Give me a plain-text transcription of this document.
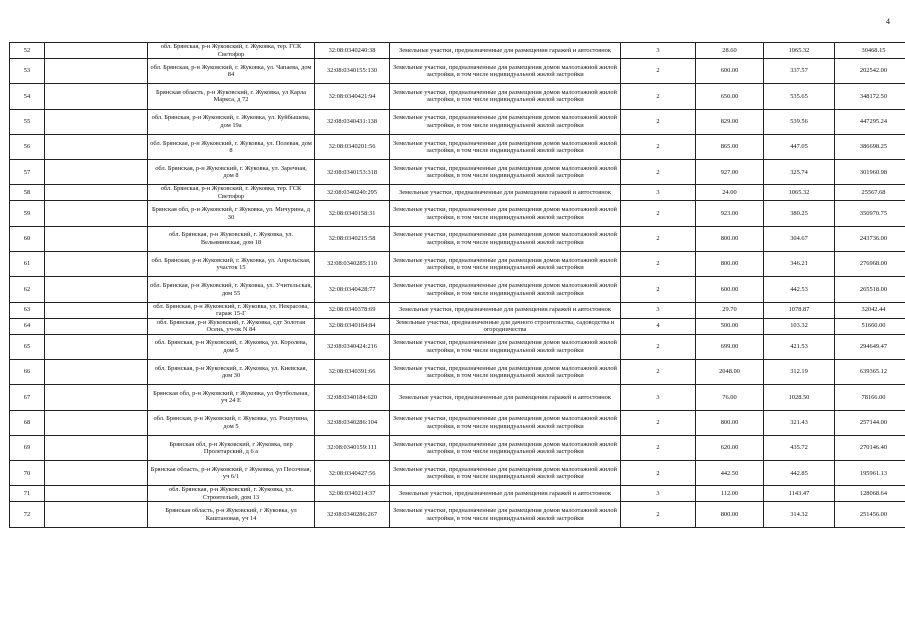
4
52		обл. Брянская, р-н Жуковский, г. Жуковка, тер. ГСК Светофор	32:08:0340240:38	Земельные участки, предназначенные для размещения гаражей и автостоянок	3	28.60	1065.32	30468.15
53		обл. Брянская, р-н Жуковский, г. Жуковка, ул. Чапаева, дом 84	32:08:0340155:130	Земельные участки, предназначенные для размещения домов малоэтажной жилой застройки, в том числе индивидуальной жилой застройки	2	600.00	337.57	202542.00
54		Брянская область, р-н Жуковский, г. Жуковка, ул Карла Маркса, д 72	32:08:0340421:94	Земельные участки, предназначенные для размещения домов малоэтажной жилой застройки, в том числе индивидуальной жилой застройки	2	650.00	535.65	348172.50
55		обл. Брянская, р-н Жуковский, г. Жуковка, ул. Куйбышева, дом 19а	32:08:0340431:138	Земельные участки, предназначенные для размещения домов малоэтажной жилой застройки, в том числе индивидуальной жилой застройки	2	829.00	539.56	447295.24
56		обл. Брянская, р-н Жуковский, г. Жуковка, ул. Полевая, дом 8	32:08:0340201:56	Земельные участки, предназначенные для размещения домов малоэтажной жилой застройки, в том числе индивидуальной жилой застройки	2	865.00	447.05	386698.25
57		обл. Брянская, р-н Жуковский, г. Жуковка, ул. Заречная, дом 8	32:08:0340153:318	Земельные участки, предназначенные для размещения домов малоэтажной жилой застройки, в том числе индивидуальной жилой застройки	2	927.00	325.74	301960.98
58		обл. Брянская, р-н Жуковский, г. Жуковка, тер. ГСК Светофор	32:08:0340240:295	Земельные участки, предназначенные для размещения гаражей и автостоянок	3	24.00	1065.32	25567.68
59		Брянская обл, р-н Жуковский, г Жуковка, ул. Мичурина, д 30	32:08:0340158:31	Земельные участки, предназначенные для размещения домов малоэтажной жилой застройки, в том числе индивидуальной жилой застройки	2	923.00	380.25	350970.75
60		обл. Брянская, р-н Жуковский, г. Жуковка, ул. Вельяминская, дом 18	32:08:0340215:58	Земельные участки, предназначенные для размещения домов малоэтажной жилой застройки, в том числе индивидуальной жилой застройки	2	800.00	304.67	243736.00
61		обл. Брянская, р-н Жуковский, г. Жуковка, ул. Апрельская, участок 15	32:08:0340285:110	Земельные участки, предназначенные для размещения домов малоэтажной жилой застройки, в том числе индивидуальной жилой застройки	2	800.00	346.21	276968.00
62		обл. Брянская, р-н Жуковский, г. Жуковка, ул. Учительская, дом 55	32:08:0340428:77	Земельные участки, предназначенные для размещения домов малоэтажной жилой застройки, в том числе индивидуальной жилой застройки	2	600.00	442.53	265518.00
63		обл. Брянская, р-н Жуковский, г. Жуковка, ул. Некрасова, гараж 15-Г	32:08:0340378:69	Земельные участки, предназначенные для размещения гаражей и автостоянок	3	29.70	1078.87	32042.44
64		обл. Брянская, р-н Жуковский, г. Жуковка, сдт Золотая Осень, уч-ок N 84	32:08:0340184:84	Земельные участки, предназначенные для дачного строительства, садоводства и огородничества	4	500.00	103.32	51660.00
65		обл. Брянская, р-н Жуковский, г. Жуковка, ул. Королева, дом 5	32:08:0340424:216	Земельные участки, предназначенные для размещения домов малоэтажной жилой застройки, в том числе индивидуальной жилой застройки	2	699.00	421.53	294649.47
66		обл. Брянская, р-н Жуковский, г. Жуковка, ул. Киевская, дом 30	32:08:0340391:66	Земельные участки, предназначенные для размещения домов малоэтажной жилой застройки, в том числе индивидуальной жилой застройки	2	2048.00	312.19	639365.12
67		Брянская обл, р-н Жуковский, г Жуковка, ул Футбольная, уч 24 Е	32:08:0340184:620	Земельные участки, предназначенные для размещения гаражей и автостоянок	3	76.00	1028.50	78166.00
68		обл. Брянская, р-н Жуковский, г. Жуковка, ул. Рошупина, дом 5	32:08:0340286:104	Земельные участки, предназначенные для размещения домов малоэтажной жилой застройки, в том числе индивидуальной жилой застройки	2	800.00	321.43	257144.00
69		Брянская обл, р-н Жуковский, г Жуковка, пер Пролетарский, д 6 а	32:08:0340159:111	Земельные участки, предназначенные для размещения домов малоэтажной жилой застройки, в том числе индивидуальной жилой застройки	2	620.00	435.72	270146.40
70		Брянская область, р-н Жуковский, г Жуковка, ул Песочная, уч 6/1	32:08:0340427:56	Земельные участки, предназначенные для размещения домов малоэтажной жилой застройки, в том числе индивидуальной жилой застройки	2	442.50	442.85	195961.13
71		обл. Брянская, р-н Жуковский, г. Жуковка, ул. Строительей, дом 13	32:08:0340214:37	Земельные участки, предназначенные для размещения гаражей и автостоянок	3	112.00	1143.47	128068.64
72		Брянская область, р-н Жуковский, г Жуковка, ул Каштановая, уч 14	32:08:0340286:267	Земельные участки, предназначенные для размещения домов малоэтажной жилой застройки, в том числе индивидуальной жилой застройки	2	800.00	314.32	251456.00
